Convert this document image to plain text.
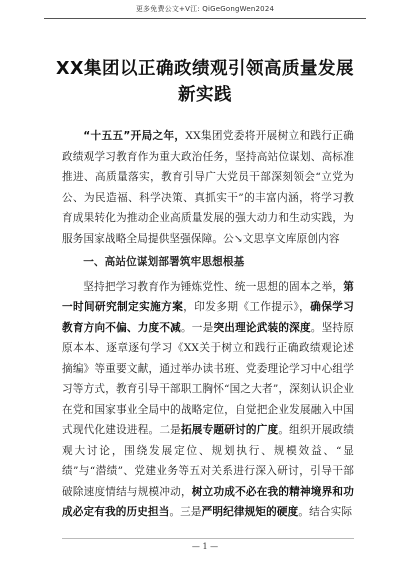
更多免费公文+V江: QiGeGongWen2024
XX集团以正确政绩观引领高质量发展新实践

“十五五”开局之年，XX集团党委将开展树立和践行正确政绩观学习教育作为重大政治任务，坚持高站位谋划、高标准推进、高质量落实，教育引导广大党员干部深刻领会“立党为公、为民造福、科学决策、真抓实干”的丰富内涵，将学习教育成果转化为推动企业高质量发展的强大动力和生动实践，为服务国家战略全局提供坚强保障。公↘文思享文库原创内容

一、高站位谋划部署筑牢思想根基

坚持把学习教育作为锤炼党性、统一思想的固本之举，第一时间研究制定实施方案，印发多期《工作提示》，确保学习教育方向不偏、力度不减。一是突出理论武装的深度。坚持原原本本、逐章逐句学习《XX关于树立和践行正确政绩观论述摘编》等重要文献，通过举办读书班、党委理论学习中心组学习等方式，教育引导干部职工胸怀“国之大者”，深刻认识企业在党和国家事业全局中的战略定位，自觉把企业发展融入中国式现代化建设进程。二是拓展专题研讨的广度。组织开展政绩观大讨论，围绕发展定位、规划执行、规模效益、“显绩”与“潜绩”、党建业务等五对关系进行深入研讨，引导干部破除速度情结与规模冲动，树立功成不必在我的精神境界和功成必定有我的历史担当。三是严明纪律规矩的硬度。结合实际

— 1 —
